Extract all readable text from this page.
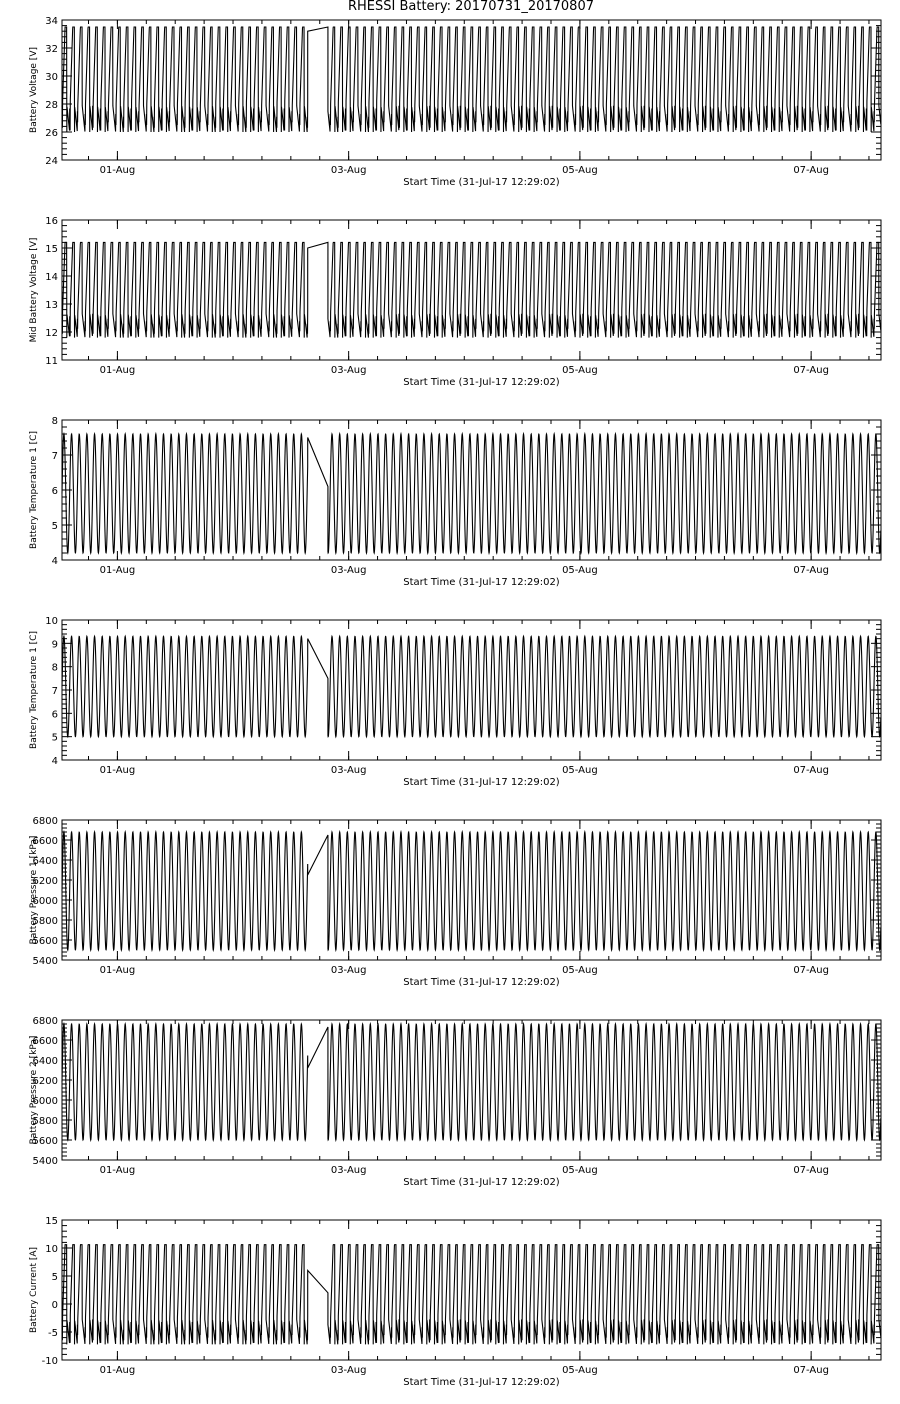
RHESSI Battery: 20170731_20170807
24
26
28
30
32
34
01-Aug	03-Aug	05-Aug	07-Aug
Start Time (31-Jul-17 12:29:02)
Battery Voltage [V]
11
12
13
14
15
16
01-Aug	03-Aug	05-Aug	07-Aug
Start Time (31-Jul-17 12:29:02)
Mid Battery Voltage [V]
4
5
6
7
8
01-Aug	03-Aug	05-Aug	07-Aug
Start Time (31-Jul-17 12:29:02)
Battery Temperature 1 [C]
4
5
6
7
8
9
10
01-Aug	03-Aug	05-Aug	07-Aug
Start Time (31-Jul-17 12:29:02)
Battery Temperature 1 [C]
5400
5600
5800
6000
6200
6400
6600
6800
01-Aug	03-Aug	05-Aug	07-Aug
Start Time (31-Jul-17 12:29:02)
Battery Pressure 1 [kPa]
5400
5600
5800
6000
6200
6400
6600
6800
01-Aug	03-Aug	05-Aug	07-Aug
Start Time (31-Jul-17 12:29:02)
Battery Pressure 2 [kPa]
-10
-5
0
5
10
15
01-Aug	03-Aug	05-Aug	07-Aug
Start Time (31-Jul-17 12:29:02)
Battery Current [A]
